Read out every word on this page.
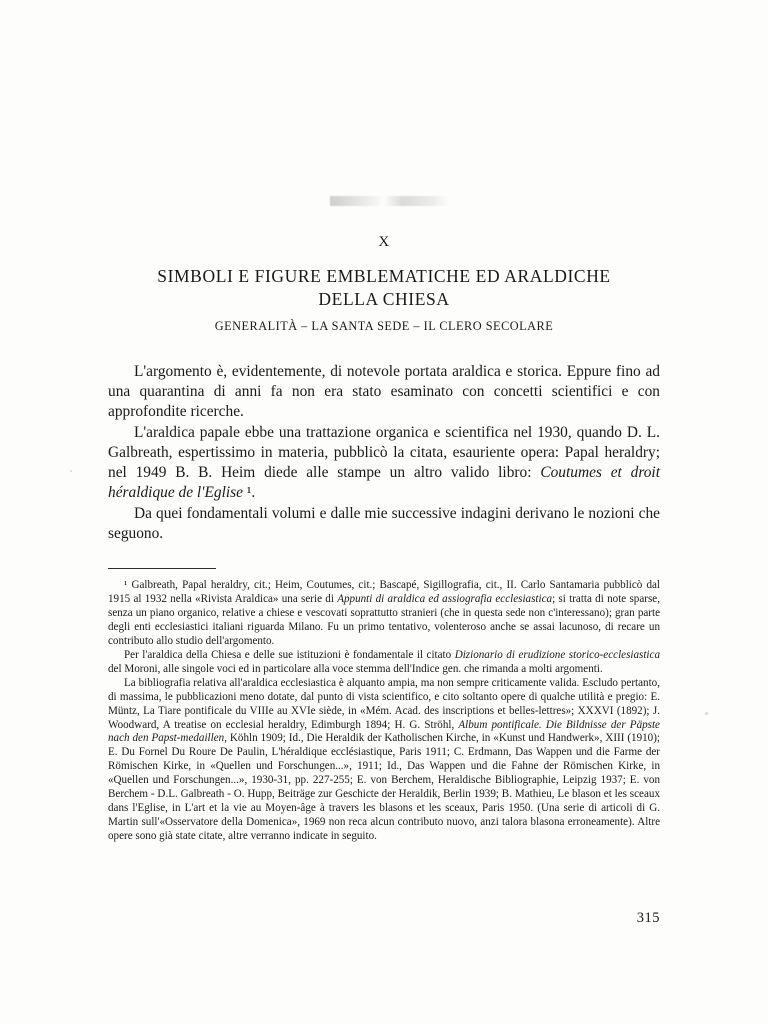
X
SIMBOLI E FIGURE EMBLEMATICHE ED ARALDICHE DELLA CHIESA
GENERALITÀ – LA SANTA SEDE – IL CLERO SECOLARE

L'argomento è, evidentemente, di notevole portata araldica e storica. Eppure fino ad una quarantina di anni fa non era stato esaminato con concetti scientifici e con approfondite ricerche.

L'araldica papale ebbe una trattazione organica e scientifica nel 1930, quando D. L. Galbreath, espertissimo in materia, pubblicò la citata, esauriente opera: Papal heraldry; nel 1949 B. B. Heim diede alle stampe un altro valido libro: Coutumes et droit héraldique de l'Eglise ¹.

Da quei fondamentali volumi e dalle mie successive indagini derivano le nozioni che seguono.

¹ Galbreath, Papal heraldry, cit.; Heim, Coutumes, cit.; Bascapé, Sigillografia, cit., II. Carlo Santamaria pubblicò dal 1915 al 1932 nella «Rivista Araldica» una serie di Appunti di araldica ed assiografia ecclesiastica; si tratta di note sparse, senza un piano organico, relative a chiese e vescovati soprattutto stranieri (che in questa sede non c'interessano); gran parte degli enti ecclesiastici italiani riguarda Milano. Fu un primo tentativo, volenteroso anche se assai lacunoso, di recare un contributo allo studio dell'argomento.

Per l'araldica della Chiesa e delle sue istituzioni è fondamentale il citato Dizionario di erudizione storico-ecclesiastica del Moroni, alle singole voci ed in particolare alla voce stemma dell'Indice gen. che rimanda a molti argomenti.

La bibliografia relativa all'araldica ecclesiastica è alquanto ampia, ma non sempre criticamente valida. Escludo pertanto, di massima, le pubblicazioni meno dotate, dal punto di vista scientifico, e cito soltanto opere di qualche utilità e pregio: E. Müntz, La Tiare pontificale du VIIIe au XVIe siède, in «Mém. Acad. des inscriptions et belles-lettres»; XXXVI (1892); J. Woodward, A treatise on ecclesial heraldry, Edimburgh 1894; H. G. Ströhl, Album pontificale. Die Bildnisse der Päpste nach den Papst-medaillen, Köhln 1909; Id., Die Heraldik der Katholischen Kirche, in «Kunst und Handwerk», XIII (1910); E. Du Fornel Du Roure De Paulin, L'héraldique ecclésiastique, Paris 1911; C. Erdmann, Das Wappen und die Farme der Römischen Kirke, in «Quellen und Forschungen...», 1911; Id., Das Wappen und die Fahne der Römischen Kirke, in «Quellen und Forschungen...», 1930-31, pp. 227-255; E. von Berchem, Heraldische Bibliographie, Leipzig 1937; E. von Berchem - D.L. Galbreath - O. Hupp, Beiträge zur Geschicte der Heraldik, Berlin 1939; B. Mathieu, Le blason et les sceaux dans l'Eglise, in L'art et la vie au Moyen-âge à travers les blasons et les sceaux, Paris 1950. (Una serie di articoli di G. Martin sull'«Osservatore della Domenica», 1969 non reca alcun contributo nuovo, anzi talora blasona erroneamente). Altre opere sono già state citate, altre verranno indicate in seguito.

315
